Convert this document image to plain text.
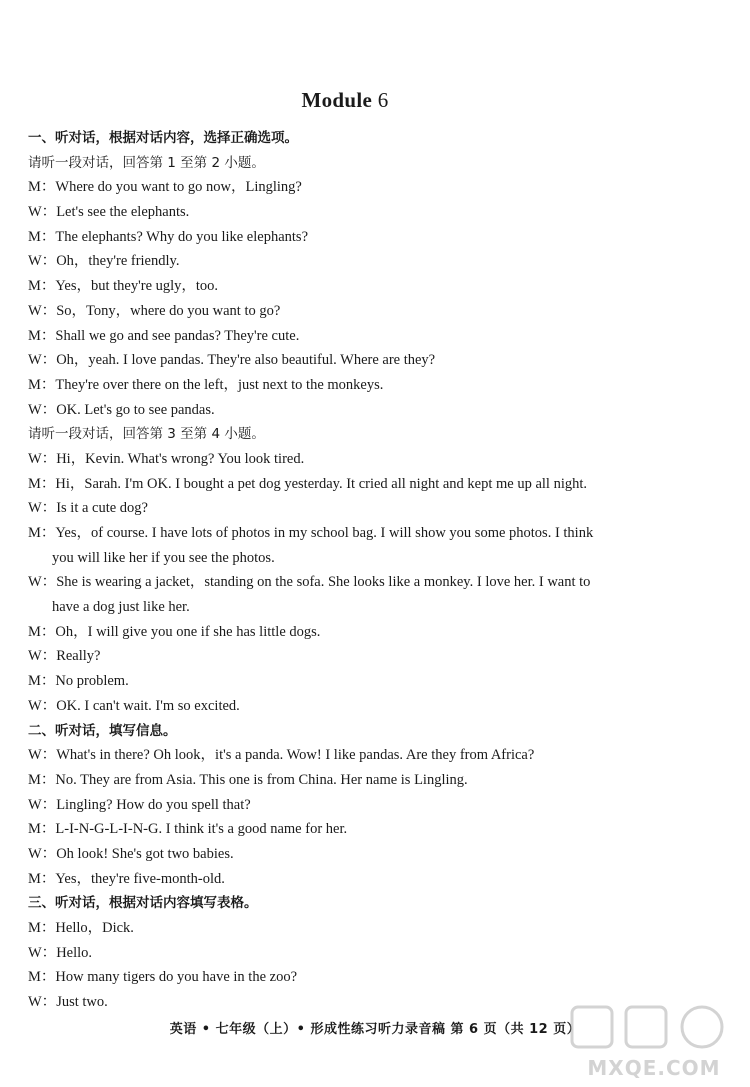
Module 6
一、听对话，根据对话内容，选择正确选项。
请听一段对话，回答第 1 至第 2 小题。
M：Where do you want to go now，Lingling?
W：Let's see the elephants.
M：The elephants? Why do you like elephants?
W：Oh，they're friendly.
M：Yes，but they're ugly，too.
W：So，Tony，where do you want to go?
M：Shall we go and see pandas? They're cute.
W：Oh，yeah. I love pandas. They're also beautiful. Where are they?
M：They're over there on the left，just next to the monkeys.
W：OK. Let's go to see pandas.
请听一段对话，回答第 3 至第 4 小题。
W：Hi，Kevin. What's wrong? You look tired.
M：Hi，Sarah. I'm OK. I bought a pet dog yesterday. It cried all night and kept me up all night.
W：Is it a cute dog?
M：Yes，of course. I have lots of photos in my school bag. I will show you some photos. I think
you will like her if you see the photos.
W：She is wearing a jacket，standing on the sofa. She looks like a monkey. I love her. I want to
have a dog just like her.
M：Oh，I will give you one if she has little dogs.
W：Really?
M：No problem.
W：OK. I can't wait. I'm so excited.
二、听对话，填写信息。
W：What's in there? Oh look，it's a panda. Wow! I like pandas. Are they from Africa?
M：No. They are from Asia. This one is from China. Her name is Lingling.
W：Lingling? How do you spell that?
M：L-I-N-G-L-I-N-G. I think it's a good name for her.
W：Oh look! She's got two babies.
M：Yes，they're five-month-old.
三、听对话，根据对话内容填写表格。
M：Hello，Dick.
W：Hello.
M：How many tigers do you have in the zoo?
W：Just two.
英语 • 七年级（上）• 形成性练习听力录音稿 第 6 页（共 12 页）
MXQE.COM
